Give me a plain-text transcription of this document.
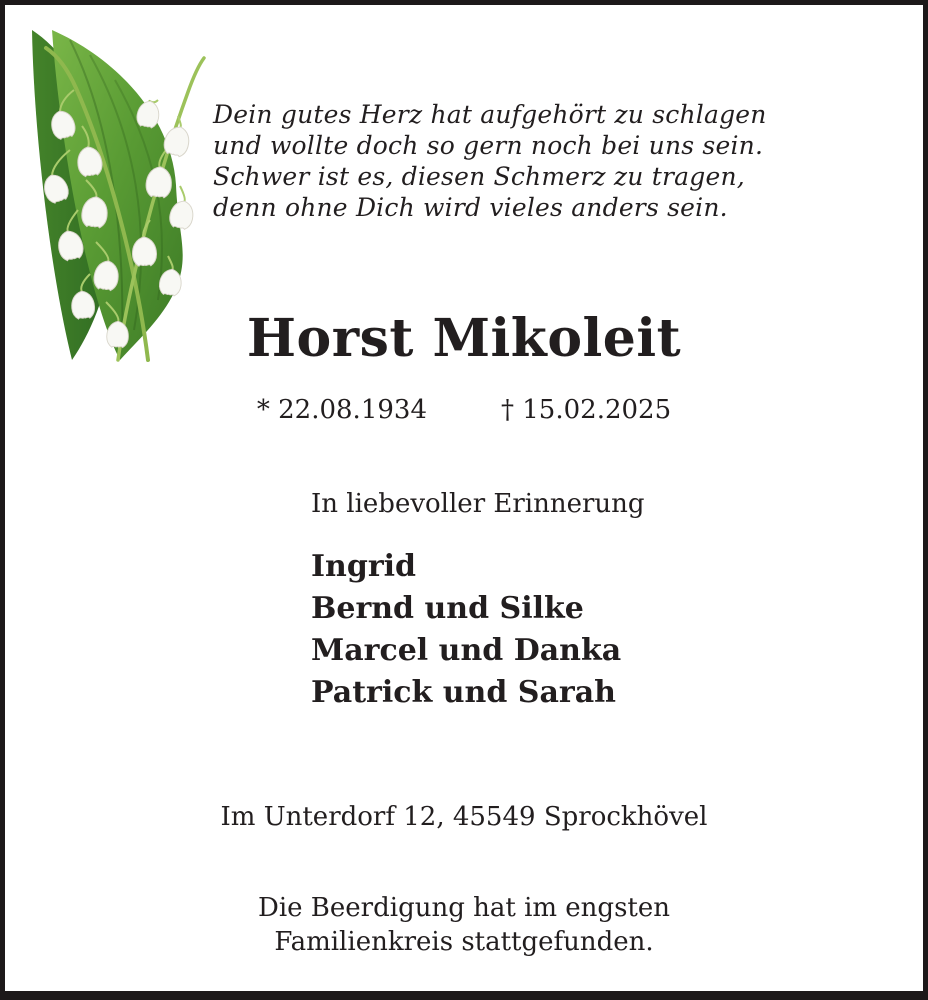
Dein gutes Herz hat aufgehört zu schlagen
und wollte doch so gern noch bei uns sein.
Schwer ist es, diesen Schmerz zu tragen,
denn ohne Dich wird vieles anders sein.
Horst Mikoleit
* 22.08.1934	† 15.02.2025
In liebevoller Erinnerung
Ingrid
Bernd und Silke
Marcel und Danka
Patrick und Sarah
Im Unterdorf 12, 45549 Sprockhövel
Die Beerdigung hat im engsten
Familienkreis stattgefunden.
